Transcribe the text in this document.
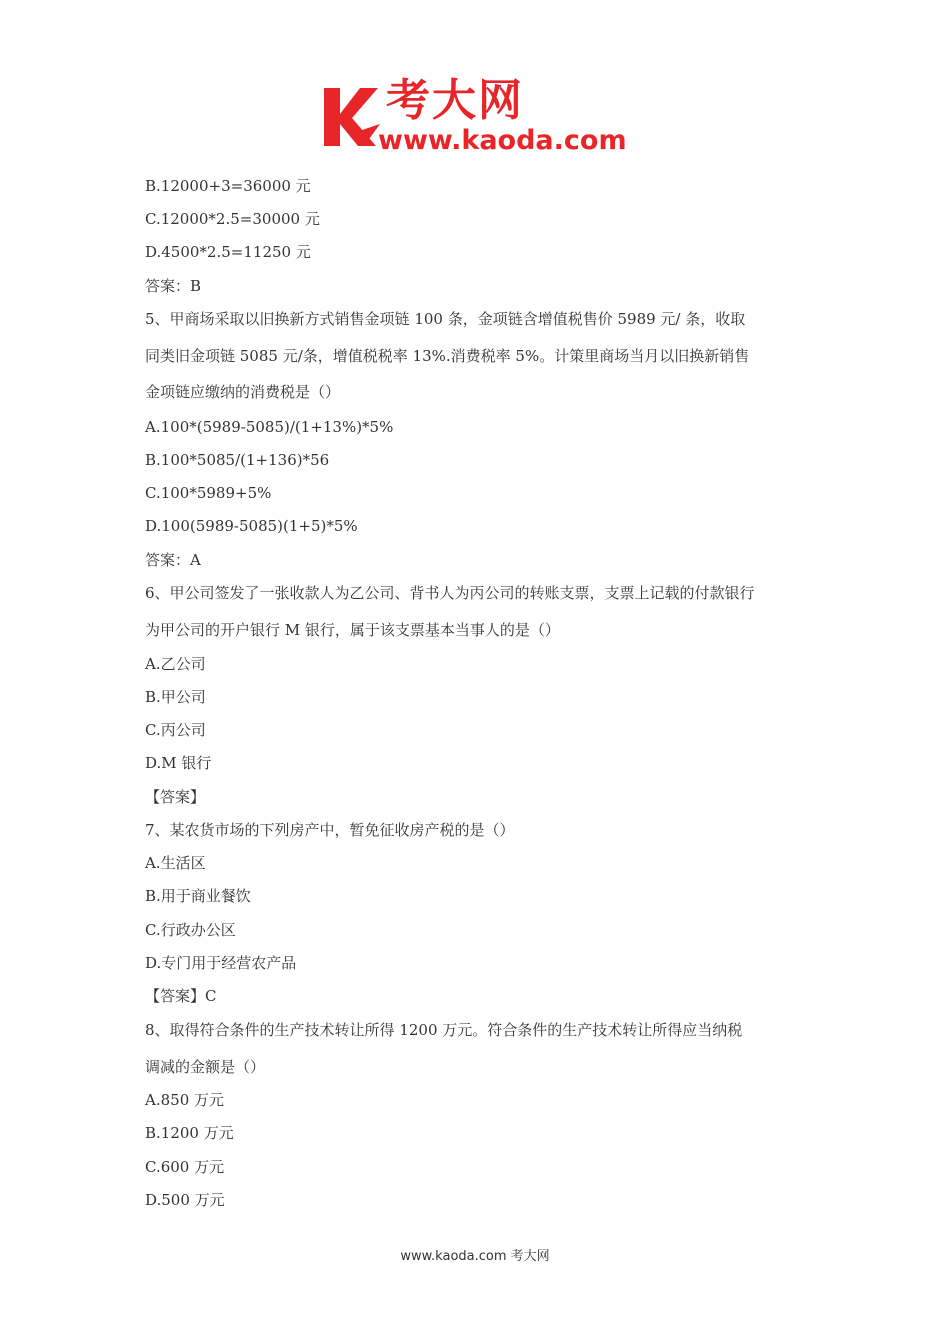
考大网
www.kaoda.com
B.12000+3=36000 元
C.12000*2.5=30000 元
D.4500*2.5=11250 元
答案：B
5、甲商场采取以旧换新方式销售金项链 100 条，金项链含增值税售价 5989 元/ 条，收取
同类旧金项链 5085 元/条，增值税税率 13%.消费税率 5%。计策里商场当月以旧换新销售
金项链应缴纳的消费税是（）
A.100*(5989-5085)/(1+13%)*5%
B.100*5085/(1+136)*56
C.100*5989+5%
D.100(5989-5085)(1+5)*5%
答案：A
6、甲公司签发了一张收款人为乙公司、背书人为丙公司的转账支票，支票上记载的付款银行
为甲公司的开户银行 M 银行，属于该支票基本当事人的是（）
A.乙公司
B.甲公司
C.丙公司
D.M 银行
【答案】
7、某农货市场的下列房产中，暂免征收房产税的是（）
A.生活区
B.用于商业餐饮
C.行政办公区
D.专门用于经营农产品
【答案】C
8、取得符合条件的生产技术转让所得 1200 万元。符合条件的生产技术转让所得应当纳税
调减的金额是（）
A.850 万元
B.1200 万元
C.600 万元
D.500 万元
www.kaoda.com 考大网
